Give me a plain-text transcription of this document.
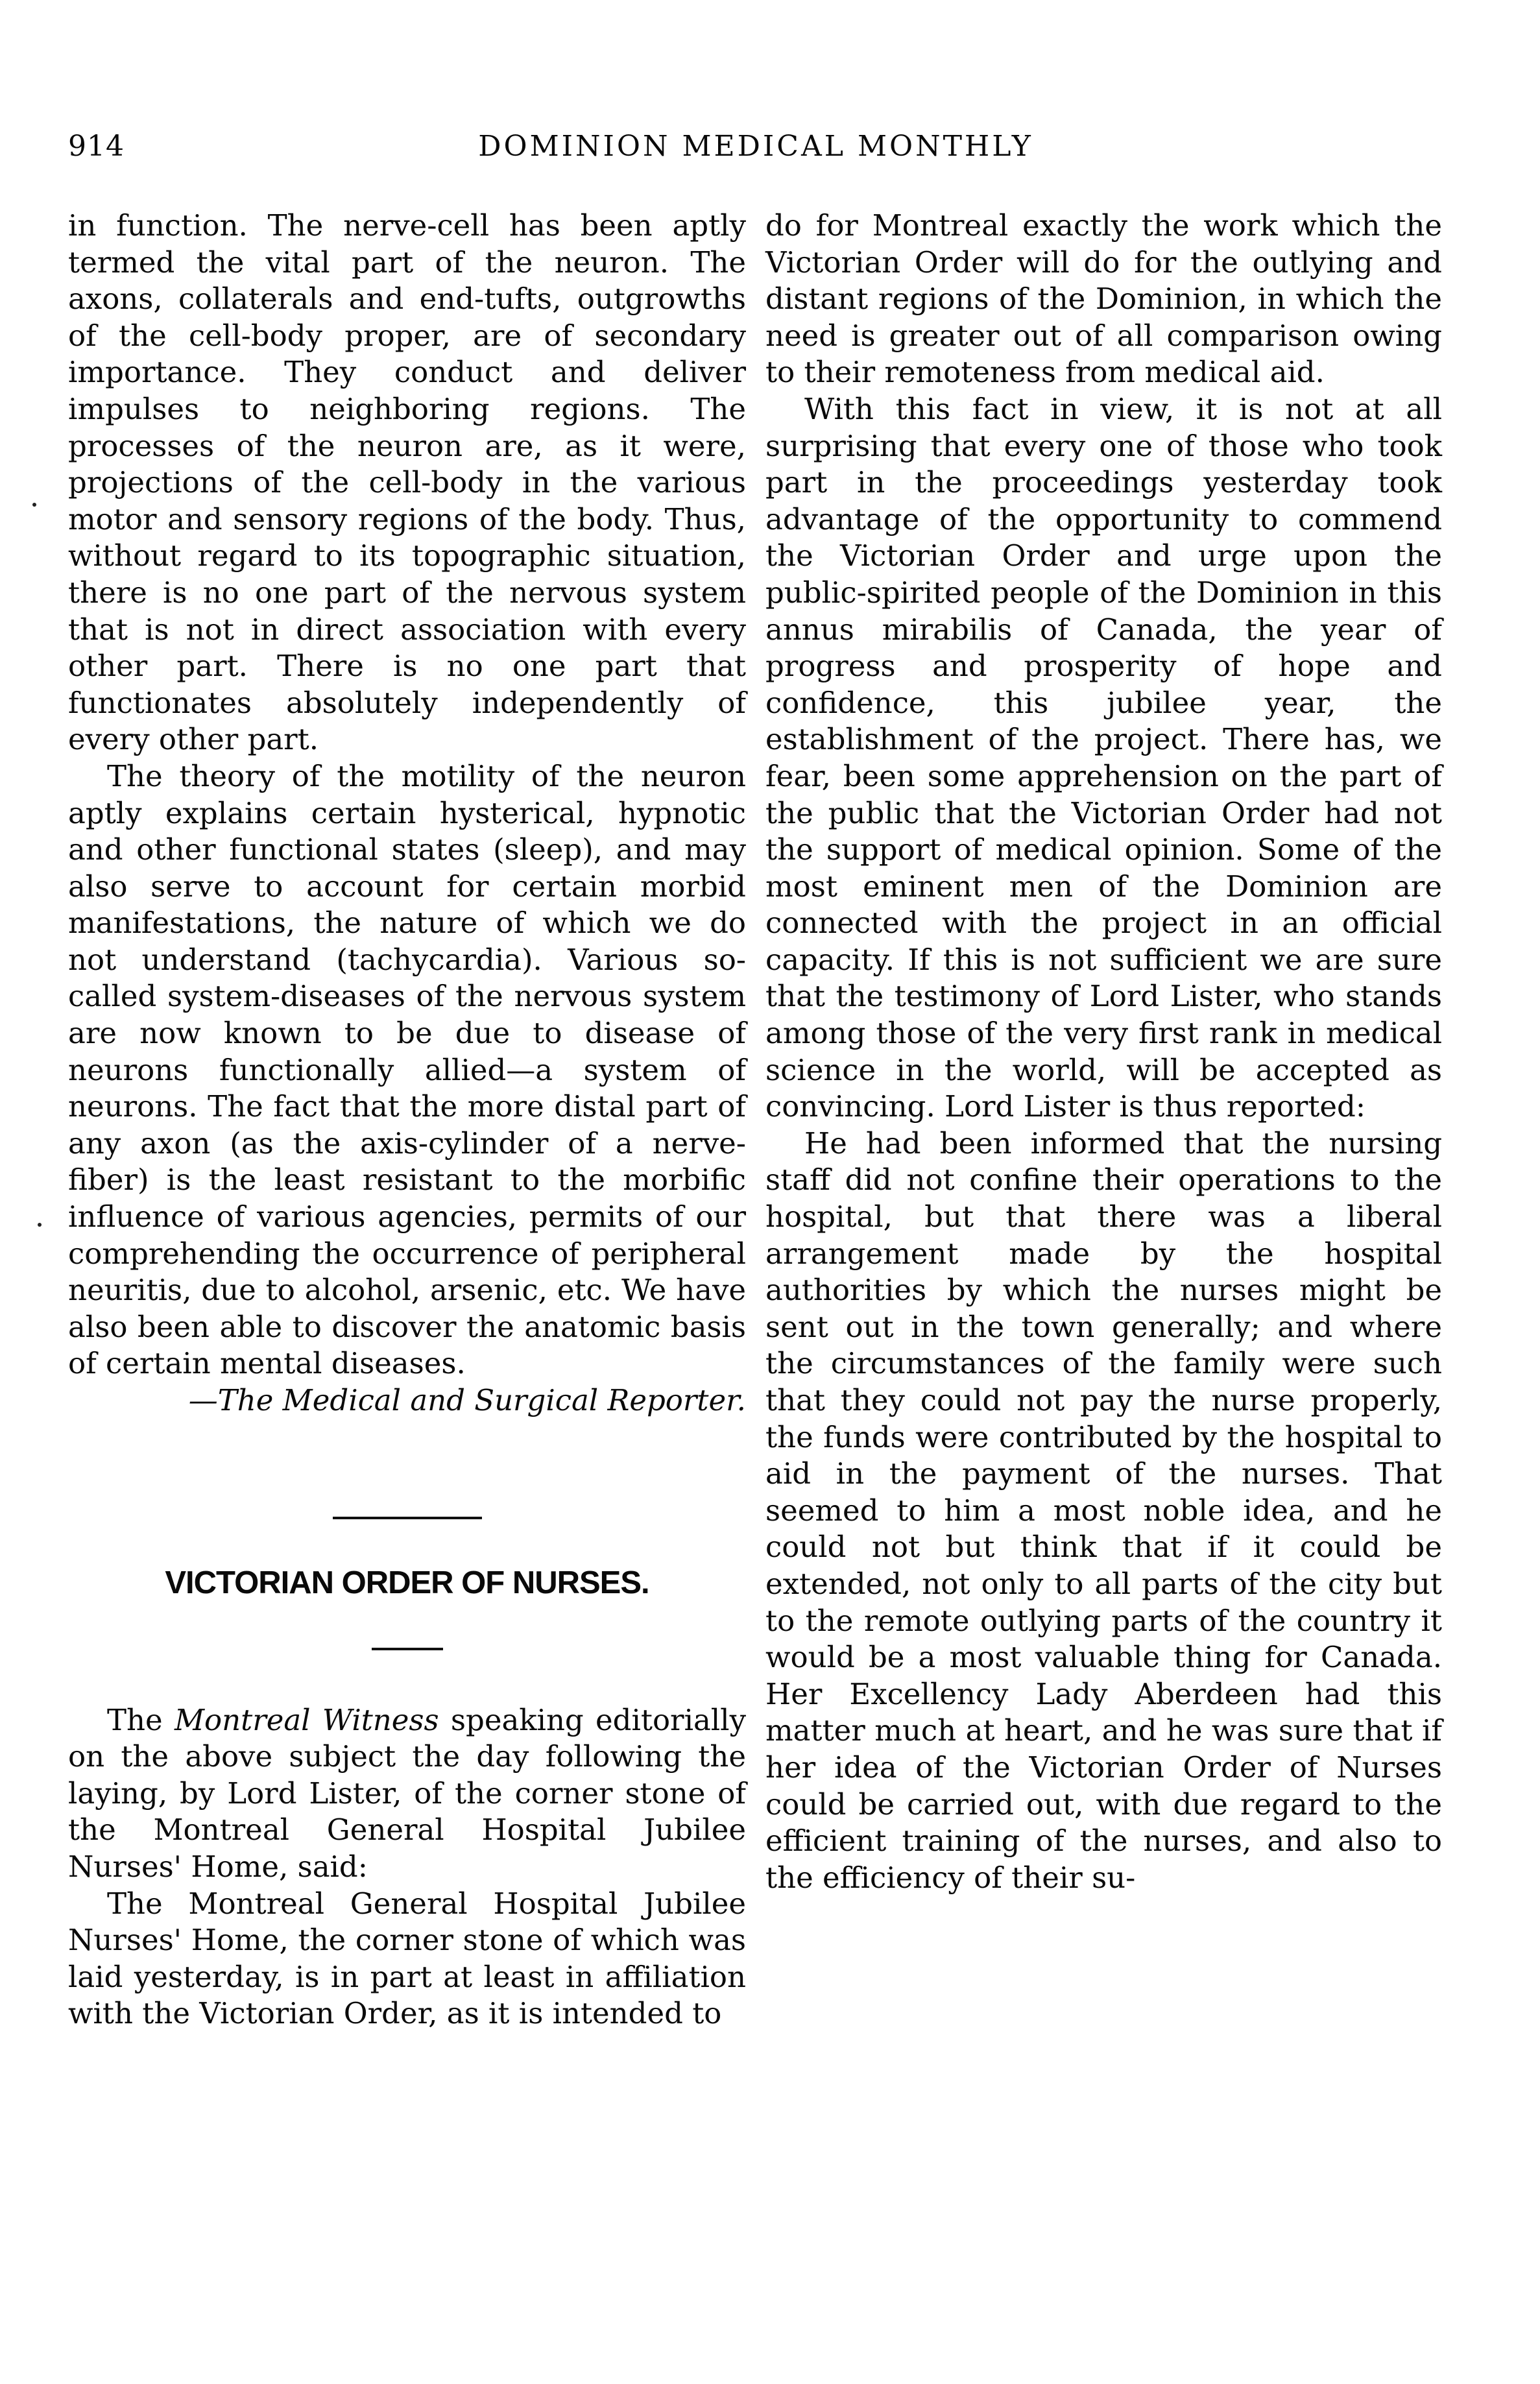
914	DOMINION MEDICAL MONTHLY

in function. The nerve-cell has been aptly termed the vital part of the neuron. The axons, collaterals and end-tufts, outgrowths of the cell-body proper, are of secondary importance. They conduct and deliver impulses to neighboring regions. The processes of the neuron are, as it were, projections of the cell-body in the various motor and sensory regions of the body. Thus, without regard to its topographic situation, there is no one part of the nervous system that is not in direct association with every other part. There is no one part that functionates absolutely independently of every other part.

The theory of the motility of the neuron aptly explains certain hysterical, hypnotic and other functional states (sleep), and may also serve to account for certain morbid manifestations, the nature of which we do not understand (tachycardia). Various so-called system-diseases of the nervous system are now known to be due to disease of neurons functionally allied—a system of neurons. The fact that the more distal part of any axon (as the axis-cylinder of a nerve-fiber) is the least resistant to the morbific influence of various agencies, permits of our comprehending the occurrence of peripheral neuritis, due to alcohol, arsenic, etc. We have also been able to discover the anatomic basis of certain mental diseases.

—The Medical and Surgical Reporter.

VICTORIAN ORDER OF NURSES.

The Montreal Witness speaking editorially on the above subject the day following the laying, by Lord Lister, of the corner stone of the Montreal General Hospital Jubilee Nurses' Home, said:

The Montreal General Hospital Jubilee Nurses' Home, the corner stone of which was laid yesterday, is in part at least in affiliation with the Victorian Order, as it is intended to

do for Montreal exactly the work which the Victorian Order will do for the outlying and distant regions of the Dominion, in which the need is greater out of all comparison owing to their remoteness from medical aid.

With this fact in view, it is not at all surprising that every one of those who took part in the proceedings yesterday took advantage of the opportunity to commend the Victorian Order and urge upon the public-spirited people of the Dominion in this annus mirabilis of Canada, the year of progress and prosperity of hope and confidence, this jubilee year, the establishment of the project. There has, we fear, been some apprehension on the part of the public that the Victorian Order had not the support of medical opinion. Some of the most eminent men of the Dominion are connected with the project in an official capacity. If this is not sufficient we are sure that the testimony of Lord Lister, who stands among those of the very first rank in medical science in the world, will be accepted as convincing. Lord Lister is thus reported:

He had been informed that the nursing staff did not confine their operations to the hospital, but that there was a liberal arrangement made by the hospital authorities by which the nurses might be sent out in the town generally; and where the circumstances of the family were such that they could not pay the nurse properly, the funds were contributed by the hospital to aid in the payment of the nurses. That seemed to him a most noble idea, and he could not but think that if it could be extended, not only to all parts of the city but to the remote outlying parts of the country it would be a most valuable thing for Canada. Her Excellency Lady Aberdeen had this matter much at heart, and he was sure that if her idea of the Victorian Order of Nurses could be carried out, with due regard to the efficient training of the nurses, and also to the efficiency of their su-
